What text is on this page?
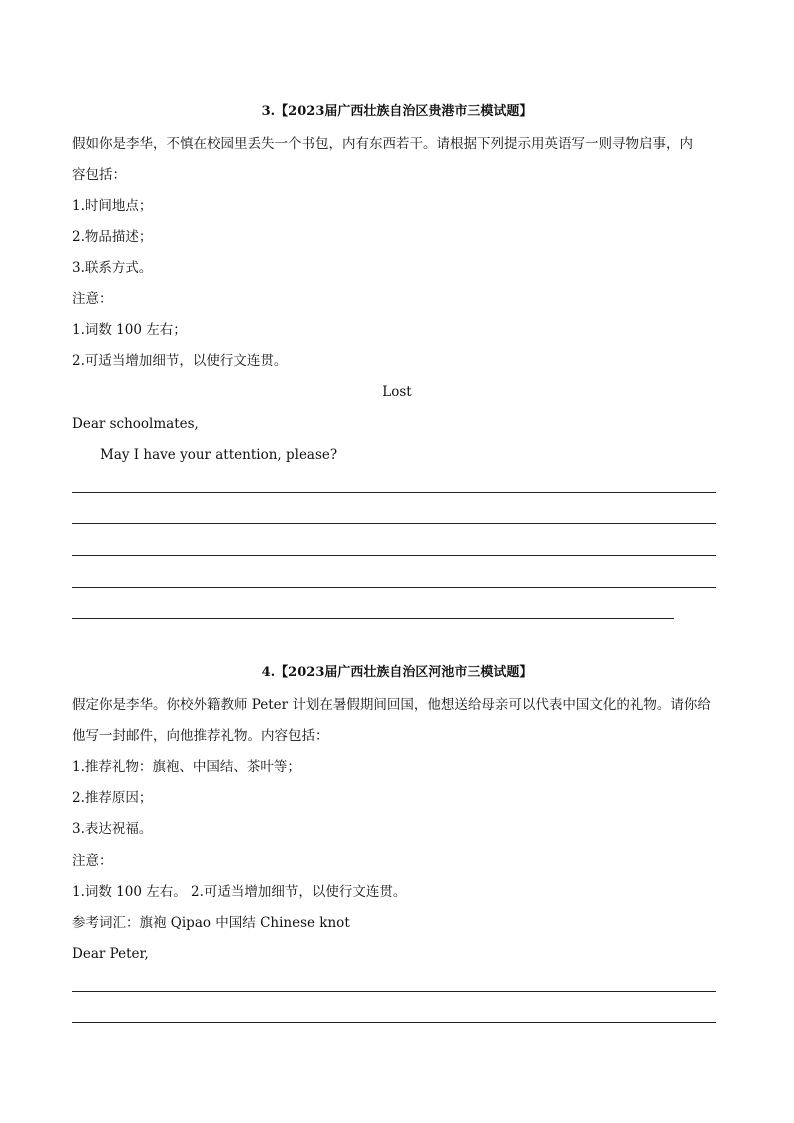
3.【2023届广西壮族自治区贵港市三模试题】
假如你是李华，不慎在校园里丢失一个书包，内有东西若干。请根据下列提示用英语写一则寻物启事，内
容包括：
1.时间地点；
2.物品描述；
3.联系方式。
注意：
1.词数 100 左右；
2.可适当增加细节，以使行文连贯。
Lost
Dear schoolmates,
May I have your attention, please?
4.【2023届广西壮族自治区河池市三模试题】
假定你是李华。你校外籍教师 Peter 计划在暑假期间回国，他想送给母亲可以代表中国文化的礼物。请你给
他写一封邮件，向他推荐礼物。内容包括：
1.推荐礼物：旗袍、中国结、茶叶等；
2.推荐原因；
3.表达祝福。
注意：
1.词数 100 左右。 2.可适当增加细节，以使行文连贯。
参考词汇：旗袍 Qipao 中国结 Chinese knot
Dear Peter,
